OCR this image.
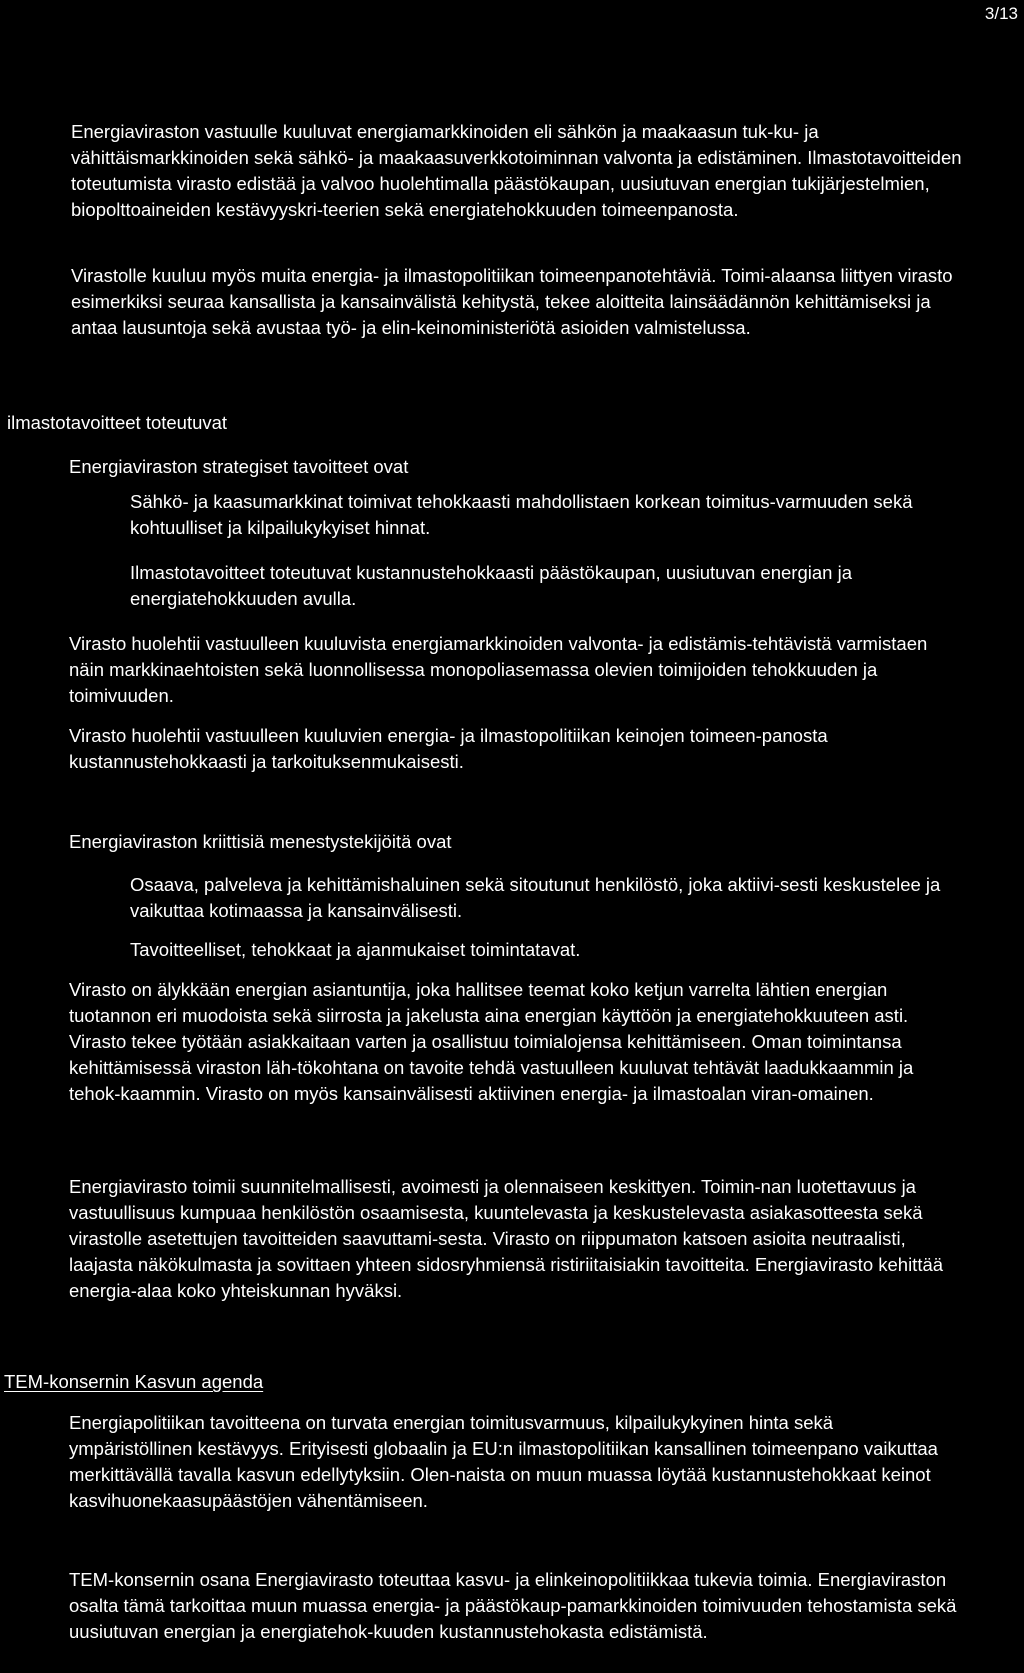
3/13

Energiaviraston vastuulle kuuluvat energiamarkkinoiden eli sähkön ja maakaasun tuk-ku- ja vähittäismarkkinoiden sekä sähkö- ja maakaasuverkkotoiminnan valvonta ja edistäminen. Ilmastotavoitteiden toteutumista virasto edistää ja valvoo huolehtimalla päästökaupan, uusiutuvan energian tukijärjestelmien, biopolttoaineiden kestävyyskri-teerien sekä energiatehokkuuden toimeenpanosta.

Virastolle kuuluu myös muita energia- ja ilmastopolitiikan toimeenpanotehtäviä. Toimi-alaansa liittyen virasto esimerkiksi seuraa kansallista ja kansainvälistä kehitystä, tekee aloitteita lainsäädännön kehittämiseksi ja antaa lausuntoja sekä avustaa työ- ja elin-keinoministeriötä asioiden valmistelussa.

ilmastotavoitteet toteutuvat

Energiaviraston strategiset tavoitteet ovat

Sähkö- ja kaasumarkkinat toimivat tehokkaasti mahdollistaen korkean toimitus-varmuuden sekä kohtuulliset ja kilpailukykyiset hinnat.

Ilmastotavoitteet toteutuvat kustannustehokkaasti päästökaupan, uusiutuvan energian ja energiatehokkuuden avulla.

Virasto huolehtii vastuulleen kuuluvista energiamarkkinoiden valvonta- ja edistämis-tehtävistä varmistaen näin markkinaehtoisten sekä luonnollisessa monopoliasemassa olevien toimijoiden tehokkuuden ja toimivuuden.

Virasto huolehtii vastuulleen kuuluvien energia- ja ilmastopolitiikan keinojen toimeen-panosta kustannustehokkaasti ja tarkoituksenmukaisesti.

Energiaviraston kriittisiä menestystekijöitä ovat

Osaava, palveleva ja kehittämishaluinen sekä sitoutunut henkilöstö, joka aktiivi-sesti keskustelee ja vaikuttaa kotimaassa ja kansainvälisesti.

Tavoitteelliset, tehokkaat ja ajanmukaiset toimintatavat.

Virasto on älykkään energian asiantuntija, joka hallitsee teemat koko ketjun varrelta lähtien energian tuotannon eri muodoista sekä siirrosta ja jakelusta aina energian käyttöön ja energiatehokkuuteen asti. Virasto tekee työtään asiakkaitaan varten ja osallistuu toimialojensa kehittämiseen. Oman toimintansa kehittämisessä viraston läh-tökohtana on tavoite tehdä vastuulleen kuuluvat tehtävät laadukkaammin ja tehok-kaammin. Virasto on myös kansainvälisesti aktiivinen energia- ja ilmastoalan viran-omainen.

Energiavirasto toimii suunnitelmallisesti, avoimesti ja olennaiseen keskittyen. Toimin-nan luotettavuus ja vastuullisuus kumpuaa henkilöstön osaamisesta, kuuntelevasta ja keskustelevasta asiakasotteesta sekä virastolle asetettujen tavoitteiden saavuttami-sesta. Virasto on riippumaton katsoen asioita neutraalisti, laajasta näkökulmasta ja sovittaen yhteen sidosryhmiensä ristiriitaisiakin tavoitteita. Energiavirasto kehittää energia-alaa koko yhteiskunnan hyväksi.

TEM-konsernin Kasvun agenda

Energiapolitiikan tavoitteena on turvata energian toimitusvarmuus, kilpailukykyinen hinta sekä ympäristöllinen kestävyys. Erityisesti globaalin ja EU:n ilmastopolitiikan kansallinen toimeenpano vaikuttaa merkittävällä tavalla kasvun edellytyksiin. Olen-naista on muun muassa löytää kustannustehokkaat keinot kasvihuonekaasupäästöjen vähentämiseen.

TEM-konsernin osana Energiavirasto toteuttaa kasvu- ja elinkeinopolitiikkaa tukevia toimia. Energiaviraston osalta tämä tarkoittaa muun muassa energia- ja päästökaup-pamarkkinoiden toimivuuden tehostamista sekä uusiutuvan energian ja energiatehok-kuuden kustannustehokasta edistämistä.
